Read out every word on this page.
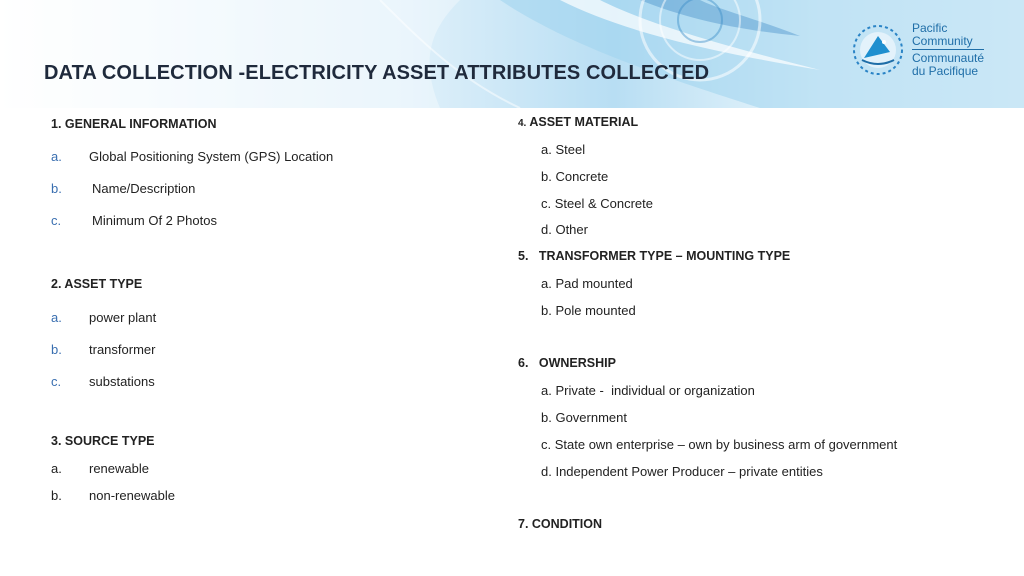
DATA COLLECTION -ELECTRICITY ASSET ATTRIBUTES COLLECTED
Pacific
Community
Communauté
du Pacifique
1. GENERAL INFORMATION
a. Global Positioning System (GPS) Location
b. Name/Description
c. Minimum Of 2 Photos
2. ASSET TYPE
a. power plant
b. transformer
c. substations
3. SOURCE TYPE
a. renewable
b. non-renewable
4. ASSET MATERIAL
a. Steel
b. Concrete
c. Steel & Concrete
d. Other
5.   TRANSFORMER TYPE – MOUNTING TYPE
a. Pad mounted
b. Pole mounted
6.   OWNERSHIP
a. Private -  individual or organization
b. Government
c. State own enterprise – own by business arm of government
d. Independent Power Producer – private entities
7. CONDITION
